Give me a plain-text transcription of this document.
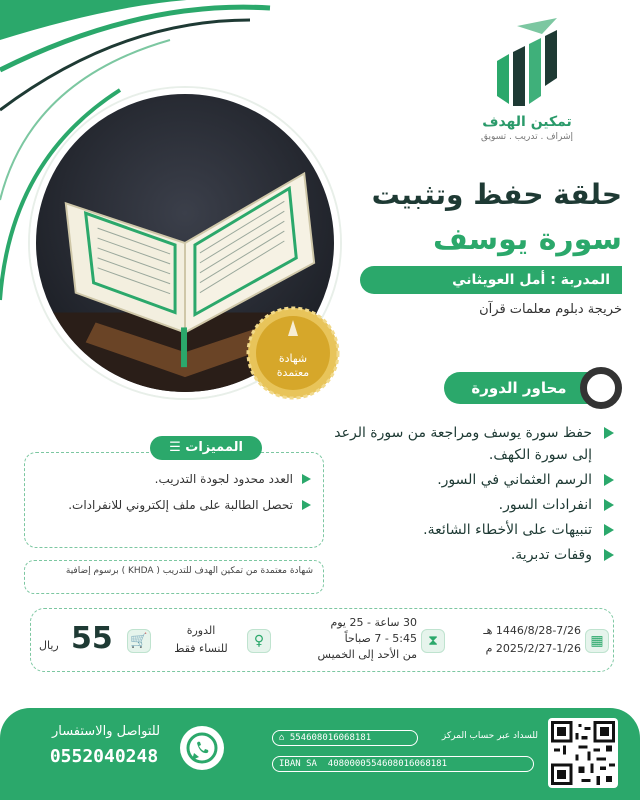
تمكين الهدف
إشراف . تدريب . تسويق
حلقة حفظ وتثبيت
سورة يوسف
المدربة : أمل العويثاني
خريجة دبلوم معلمات قرآن
شهادة
معتمدة
محاور الدورة
حفظ سورة يوسف ومراجعة من سورة الرعد إلى سورة الكهف.
الرسم العثماني في السور.
انفرادات السور.
تنبيهات على الأخطاء الشائعة.
وقفات تدبرية.
العدد محدود لجودة التدريب.
تحصل الطالبة على ملف إلكتروني للانفرادات.
المميزات ☰
شهادة معتمدة من تمكين الهدف للتدريب ( KHDA ) برسوم إضافية
▦
1446/8/28-7/26 هـ
2025/2/27-1/26 م
⧗
30 ساعة - 25 يوم
5:45 - 7 صباحاً
من الأحد إلى الخميس
♀
الدورة
للنساء فقط
🛒
55
ريال
للتواصل والاستفسار
0552040248
للسداد عبر حساب المركز
⌂ 554608016068181
IBAN SA 4080000554608016068181
